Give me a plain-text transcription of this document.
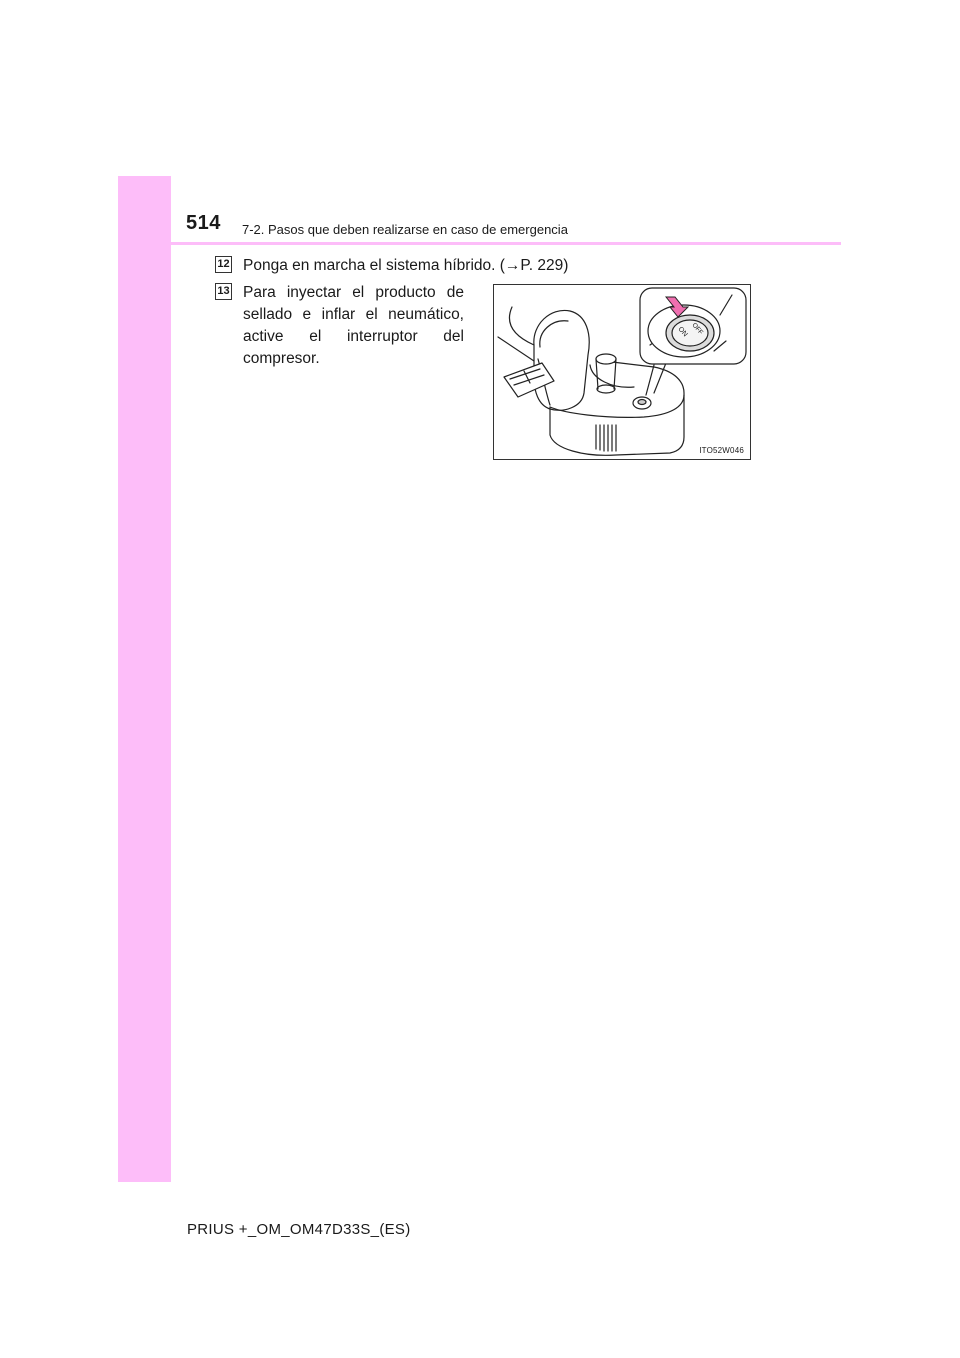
514 7-2. Pasos que deben realizarse en caso de emergencia
12 Ponga en marcha el sistema híbrido. (→P. 229)
13 Para inyectar el producto de sellado e inflar el neumático, active el interruptor del compresor.
ON OFF
ITO52W046
PRIUS +_OM_OM47D33S_(ES)
